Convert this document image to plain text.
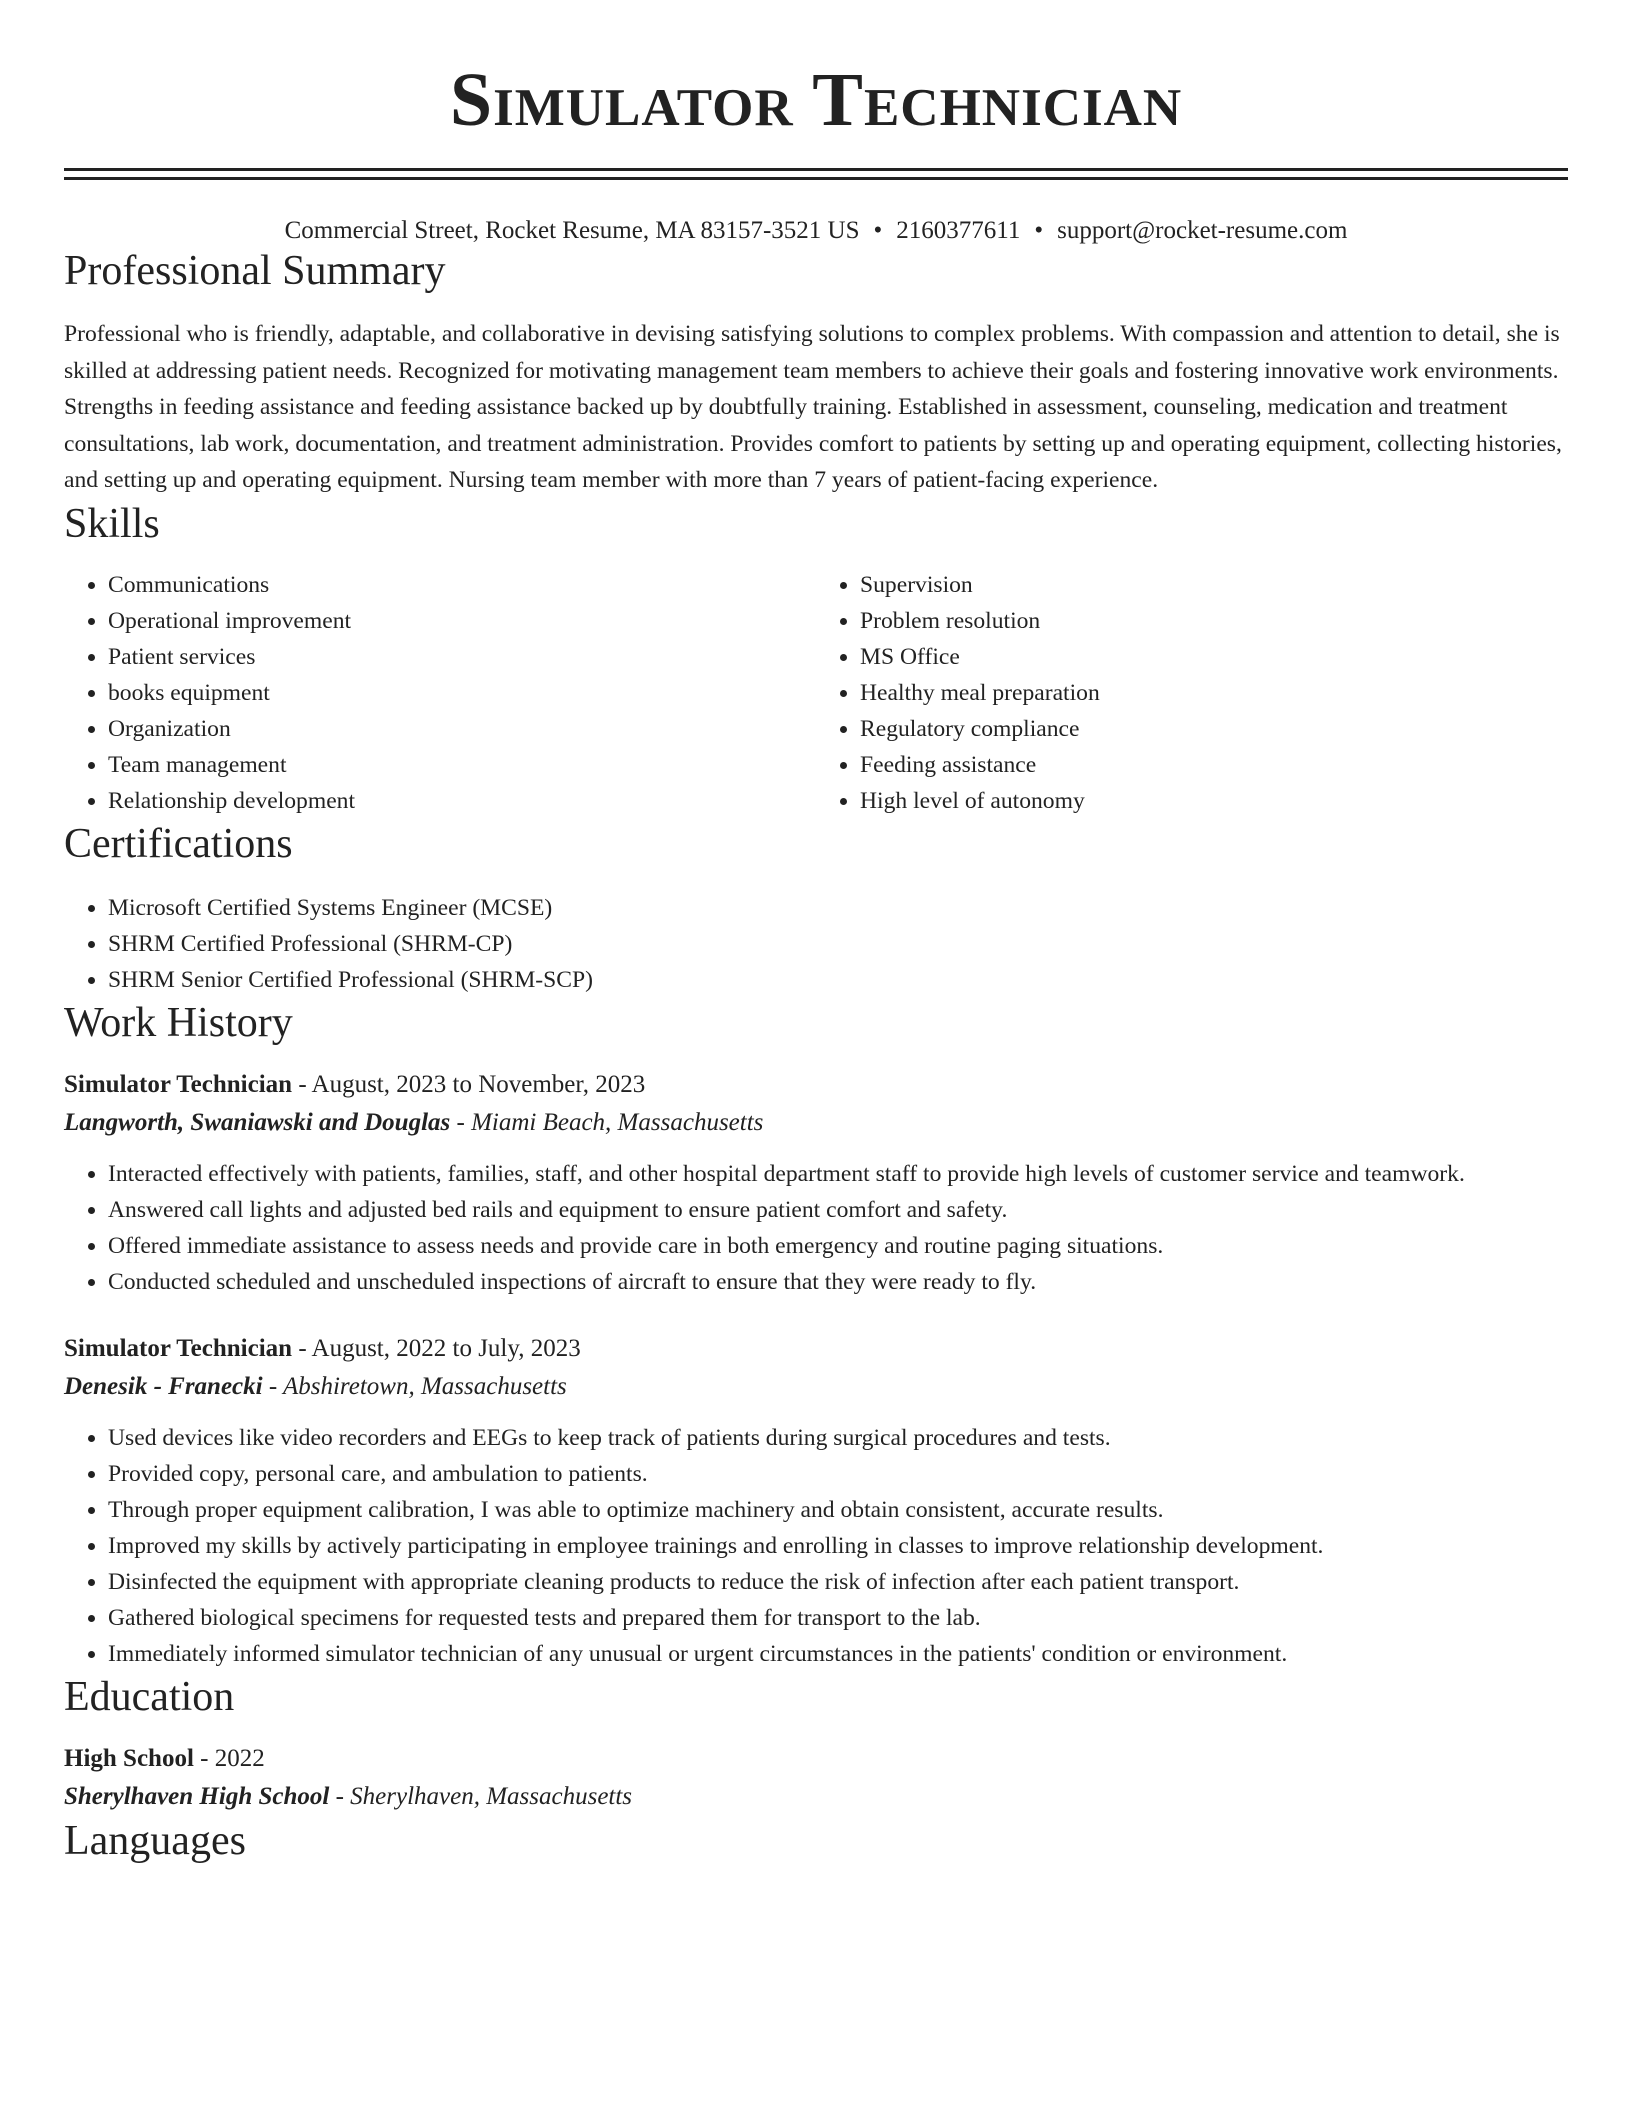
Simulator Technician
Commercial Street, Rocket Resume, MA 83157-3521 US • 2160377611 • support@rocket-resume.com
Professional Summary
Professional who is friendly, adaptable, and collaborative in devising satisfying solutions to complex problems. With compassion and attention to detail, she is skilled at addressing patient needs. Recognized for motivating management team members to achieve their goals and fostering innovative work environments. Strengths in feeding assistance and feeding assistance backed up by doubtfully training. Established in assessment, counseling, medication and treatment consultations, lab work, documentation, and treatment administration. Provides comfort to patients by setting up and operating equipment, collecting histories, and setting up and operating equipment. Nursing team member with more than 7 years of patient-facing experience.
Skills
• Communications
• Operational improvement
• Patient services
• books equipment
• Organization
• Team management
• Relationship development
• Supervision
• Problem resolution
• MS Office
• Healthy meal preparation
• Regulatory compliance
• Feeding assistance
• High level of autonomy
Certifications
• Microsoft Certified Systems Engineer (MCSE)
• SHRM Certified Professional (SHRM-CP)
• SHRM Senior Certified Professional (SHRM-SCP)
Work History
Simulator Technician - August, 2023 to November, 2023
Langworth, Swaniawski and Douglas - Miami Beach, Massachusetts
• Interacted effectively with patients, families, staff, and other hospital department staff to provide high levels of customer service and teamwork.
• Answered call lights and adjusted bed rails and equipment to ensure patient comfort and safety.
• Offered immediate assistance to assess needs and provide care in both emergency and routine paging situations.
• Conducted scheduled and unscheduled inspections of aircraft to ensure that they were ready to fly.
Simulator Technician - August, 2022 to July, 2023
Denesik - Franecki - Abshiretown, Massachusetts
• Used devices like video recorders and EEGs to keep track of patients during surgical procedures and tests.
• Provided copy, personal care, and ambulation to patients.
• Through proper equipment calibration, I was able to optimize machinery and obtain consistent, accurate results.
• Improved my skills by actively participating in employee trainings and enrolling in classes to improve relationship development.
• Disinfected the equipment with appropriate cleaning products to reduce the risk of infection after each patient transport.
• Gathered biological specimens for requested tests and prepared them for transport to the lab.
• Immediately informed simulator technician of any unusual or urgent circumstances in the patients' condition or environment.
Education
High School - 2022
Sherylhaven High School - Sherylhaven, Massachusetts
Languages
